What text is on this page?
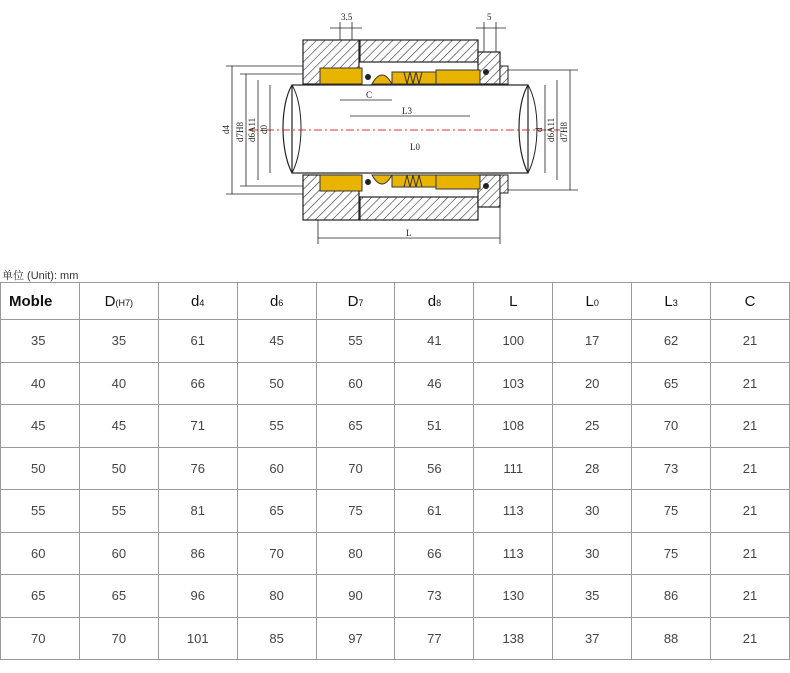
3.5	5
C
L3
L0
L
d4 d7H8 d6A11 d0	d d6A11 d7H8
单位 (Unit): mm
Moble	D(H7)	d4	d6	D7	d8	L	L0	L3	C
35	35	61	45	55	41	100	17	62	21
40	40	66	50	60	46	103	20	65	21
45	45	71	55	65	51	108	25	70	21
50	50	76	60	70	56	111	28	73	21
55	55	81	65	75	61	113	30	75	21
60	60	86	70	80	66	113	30	75	21
65	65	96	80	90	73	130	35	86	21
70	70	101	85	97	77	138	37	88	21
